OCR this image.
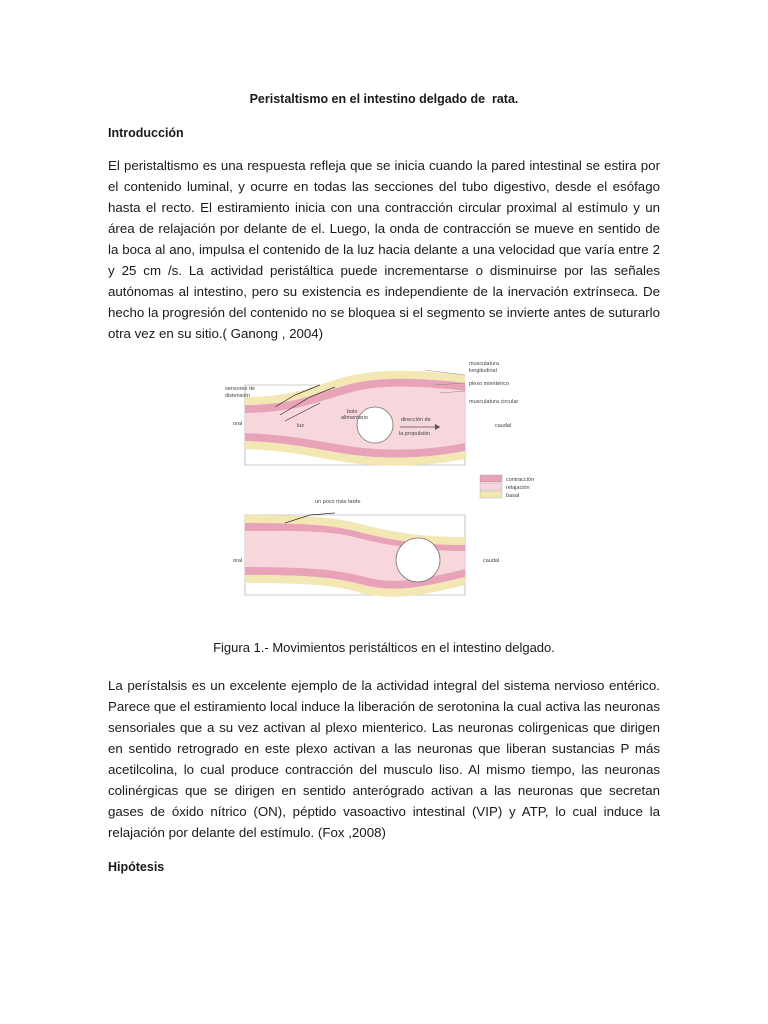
Peristaltismo en el intestino delgado de  rata.
Introducción
El peristaltismo es una respuesta refleja que se inicia cuando la pared intestinal se estira por el contenido luminal, y ocurre en todas las secciones del tubo digestivo, desde el esófago hasta el recto. El estiramiento inicia con una contracción circular proximal al estímulo y un área de relajación por delante de el. Luego, la onda de contracción se mueve en sentido de la boca al ano, impulsa el contenido de la luz hacia delante a una velocidad que varía entre 2 y 25 cm /s. La actividad peristáltica puede incrementarse o disminuirse por las señales autónomas al intestino, pero su existencia es independiente de la inervación extrínseca. De hecho la progresión del contenido no se bloquea si el segmento se invierte antes de suturarlo otra vez en su sitio.( Ganong , 2004)
musculatura
longitudinal
plexo mientérico
musculatura circular
sensores de
distensión
oral	luz
bolo
alimentario	dirección de
la propulsión
caudal
contracción
relajación
basal
un poco más tarde
oral	caudal
Figura 1.- Movimientos peristálticos en el intestino delgado.
La perístalsis es un excelente ejemplo de la actividad integral del sistema nervioso entérico. Parece que el estiramiento local induce la liberación de serotonina la cual activa las neuronas sensoriales que a su vez activan al plexo mienterico. Las neuronas colirgenicas que dirigen en sentido retrogrado en este plexo activan a las neuronas que liberan sustancias P más acetilcolina, lo cual produce contracción del musculo liso. Al mismo tiempo, las neuronas colinérgicas que se dirigen en sentido anterógrado activan a las neuronas que secretan gases de óxido nítrico (ON), péptido vasoactivo intestinal (VIP) y ATP, lo cual induce la relajación por delante del estímulo. (Fox ,2008)
Hipótesis
